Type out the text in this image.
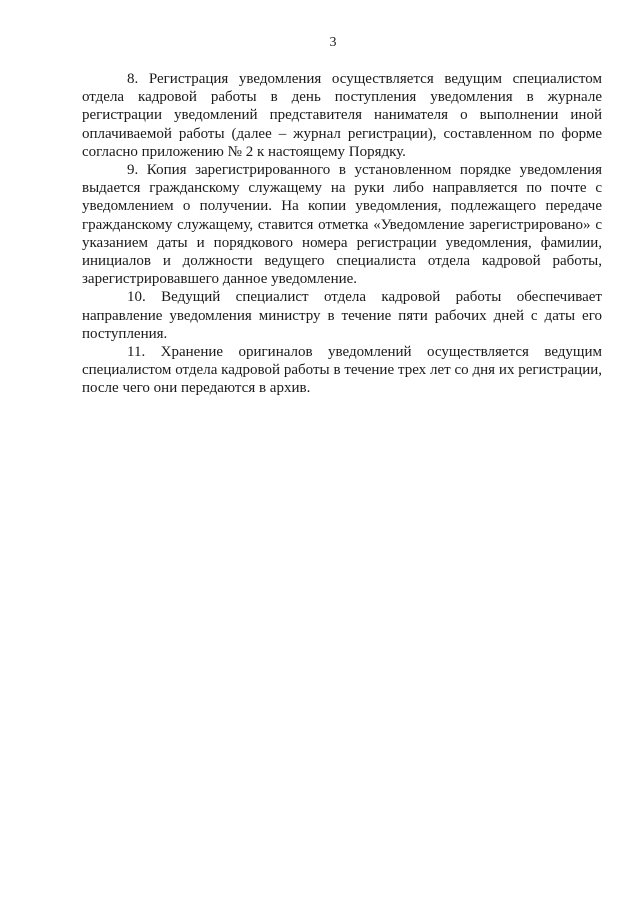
3

8. Регистрация уведомления осуществляется ведущим специалистом отдела кадровой работы в день поступления уведомления в журнале регистрации уведомлений представителя нанимателя о выполнении иной оплачиваемой работы (далее – журнал регистрации), составленном по форме согласно приложению № 2 к настоящему Порядку.

9. Копия зарегистрированного в установленном порядке уведомления выдается гражданскому служащему на руки либо направляется по почте с уведомлением о получении. На копии уведомления, подлежащего передаче гражданскому служащему, ставится отметка «Уведомление зарегистрировано» с указанием даты и порядкового номера регистрации уведомления, фамилии, инициалов и должности ведущего специалиста отдела кадровой работы, зарегистрировавшего данное уведомление.

10. Ведущий специалист отдела кадровой работы обеспечивает направление уведомления министру в течение пяти рабочих дней с даты его поступления.

11. Хранение оригиналов уведомлений осуществляется ведущим специалистом отдела кадровой работы в течение трех лет со дня их регистрации, после чего они передаются в архив.
